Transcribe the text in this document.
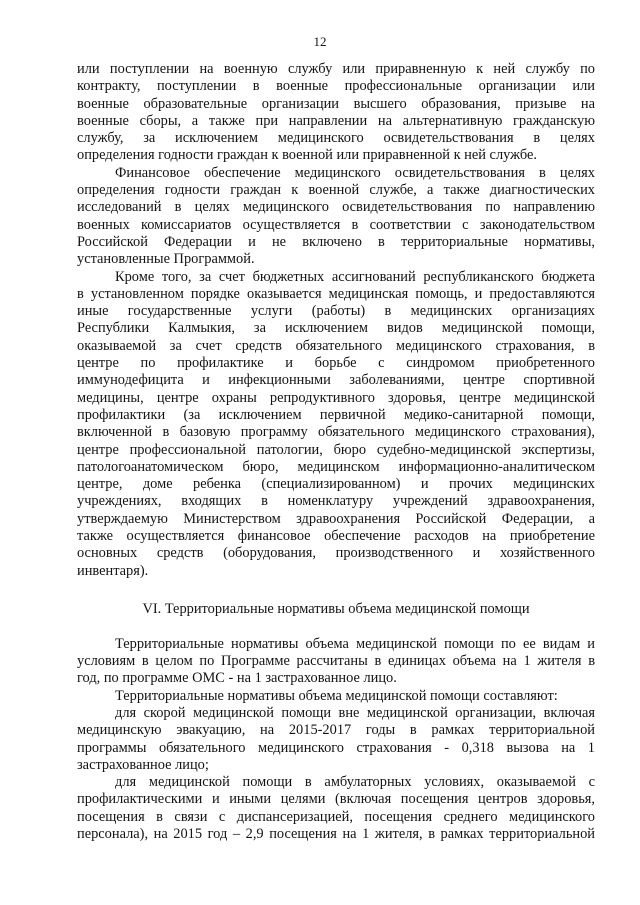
12
или поступлении на военную службу или приравненную к ней службу по
контракту, поступлении в военные профессиональные организации или
военные образовательные организации высшего образования, призыве на
военные сборы, а также при направлении на альтернативную гражданскую
службу, за исключением медицинского освидетельствования в целях
определения годности граждан к военной или приравненной к ней службе.
Финансовое обеспечение медицинского освидетельствования в целях
определения годности граждан к военной службе, а также диагностических
исследований в целях медицинского освидетельствования по направлению
военных комиссариатов осуществляется в соответствии с законодательством
Российской Федерации и не включено в территориальные нормативы,
установленные Программой.
Кроме того, за счет бюджетных ассигнований республиканского бюджета
в установленном порядке оказывается медицинская помощь, и предоставляются
иные государственные услуги (работы) в медицинских организациях
Республики Калмыкия, за исключением видов медицинской помощи,
оказываемой за счет средств обязательного медицинского страхования, в
центре по профилактике и борьбе с синдромом приобретенного
иммунодефицита и инфекционными заболеваниями, центре спортивной
медицины, центре охраны репродуктивного здоровья, центре медицинской
профилактики (за исключением первичной медико-санитарной помощи,
включенной в базовую программу обязательного медицинского страхования),
центре профессиональной патологии, бюро судебно-медицинской экспертизы,
патологоанатомическом бюро, медицинском информационно-аналитическом
центре, доме ребенка (специализированном) и прочих медицинских
учреждениях, входящих в номенклатуру учреждений здравоохранения,
утверждаемую Министерством здравоохранения Российской Федерации, а
также осуществляется финансовое обеспечение расходов на приобретение
основных средств (оборудования, производственного и хозяйственного
инвентаря).
VI. Территориальные нормативы объема медицинской помощи
Территориальные нормативы объема медицинской помощи по ее видам и
условиям в целом по Программе рассчитаны в единицах объема на 1 жителя в
год, по программе ОМС - на 1 застрахованное лицо.
Территориальные нормативы объема медицинской помощи составляют:
для скорой медицинской помощи вне медицинской организации, включая
медицинскую эвакуацию, на 2015-2017 годы в рамках территориальной
программы обязательного медицинского страхования - 0,318 вызова на 1
застрахованное лицо;
для медицинской помощи в амбулаторных условиях, оказываемой с
профилактическими и иными целями (включая посещения центров здоровья,
посещения в связи с диспансеризацией, посещения среднего медицинского
персонала), на 2015 год – 2,9 посещения на 1 жителя, в рамках территориальной
